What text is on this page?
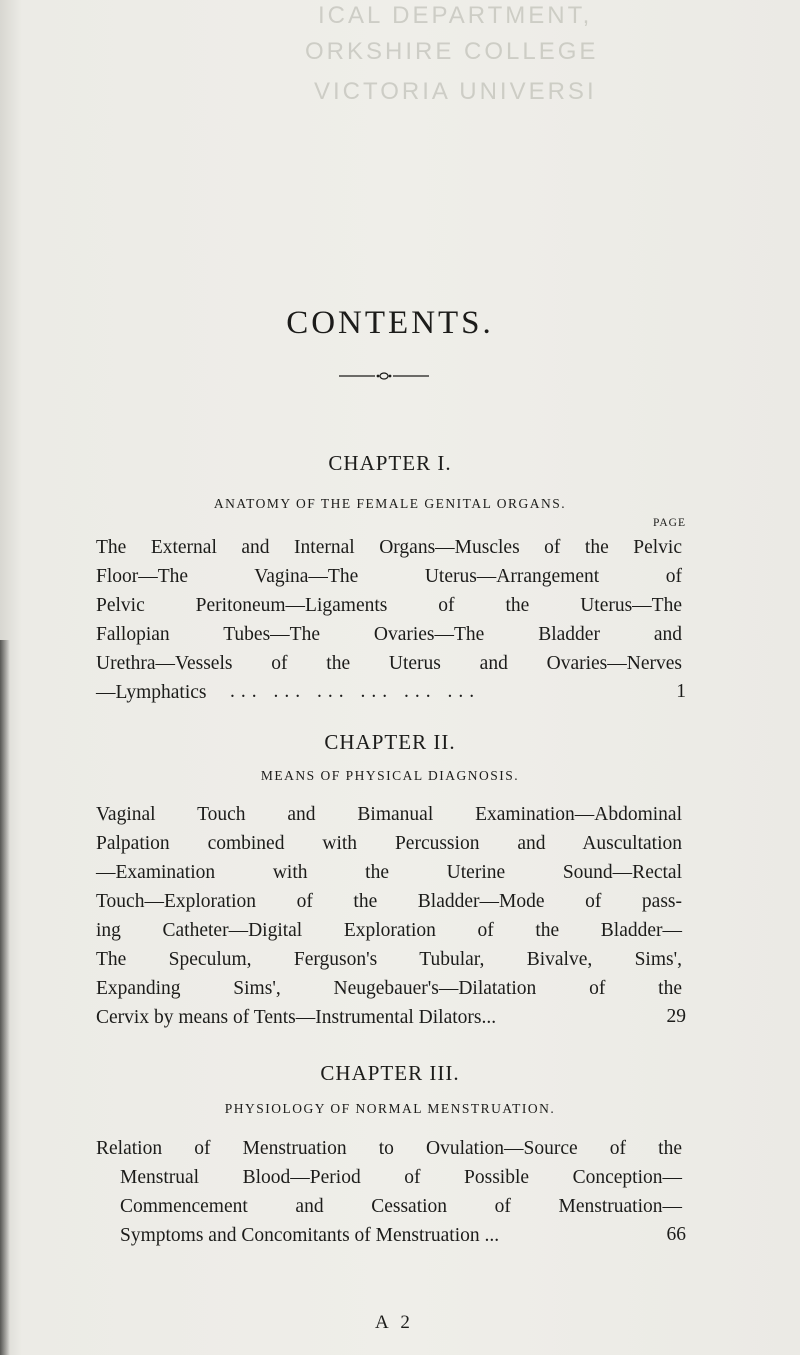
ICAL DEPARTMENT,
ORKSHIRE COLLEGE
VICTORIA UNIVERSI
CONTENTS.
CHAPTER I.
ANATOMY OF THE FEMALE GENITAL ORGANS.
PAGE
The External and Internal Organs—Muscles of the Pelvic
Floor—The Vagina—The Uterus—Arrangement of
Pelvic Peritoneum—Ligaments of the Uterus—The
Fallopian Tubes—The Ovaries—The Bladder and
Urethra—Vessels of the Uterus and Ovaries—Nerves
—Lymphatics	... ... ... ... ... ...	1
CHAPTER II.
MEANS OF PHYSICAL DIAGNOSIS.
Vaginal Touch and Bimanual Examination—Abdominal
Palpation combined with Percussion and Auscultation
—Examination with the Uterine Sound—Rectal
Touch—Exploration of the Bladder—Mode of pass-
ing Catheter—Digital Exploration of the Bladder—
The Speculum, Ferguson's Tubular, Bivalve, Sims',
Expanding Sims', Neugebauer's—Dilatation of the
Cervix by means of Tents—Instrumental Dilators...	29
CHAPTER III.
PHYSIOLOGY OF NORMAL MENSTRUATION.
Relation of Menstruation to Ovulation—Source of the
Menstrual Blood—Period of Possible Conception—
Commencement and Cessation of Menstruation—
Symptoms and Concomitants of Menstruation ...	66
A 2
